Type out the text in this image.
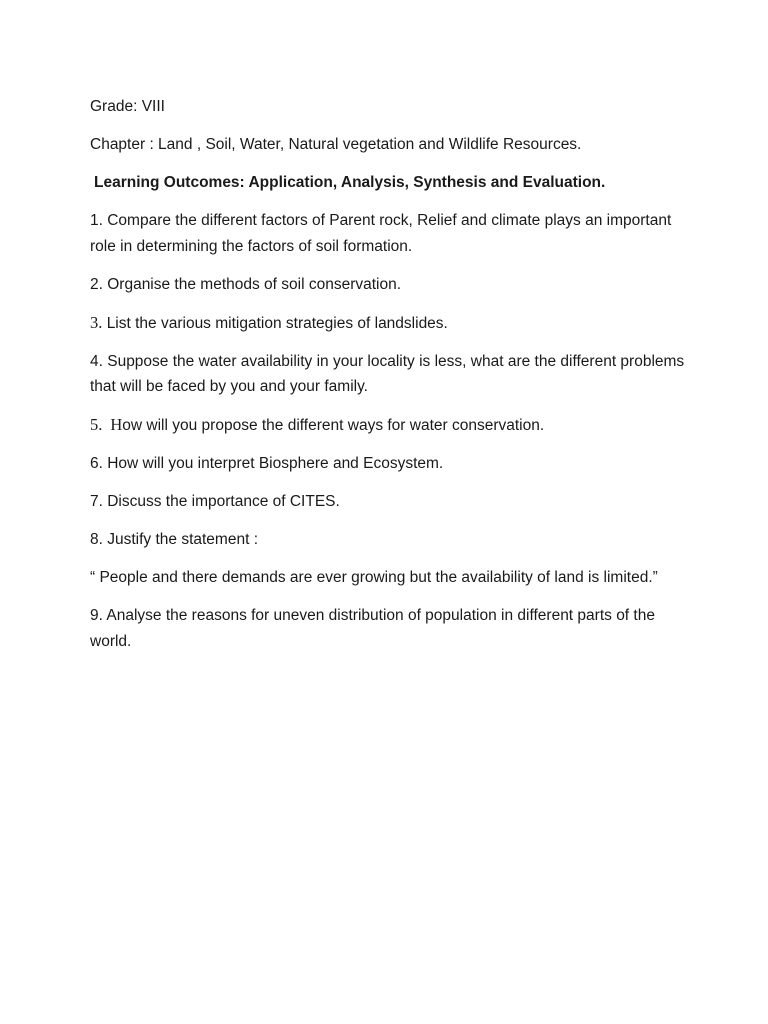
Grade: VIII

Chapter : Land , Soil, Water, Natural vegetation and Wildlife Resources.

Learning Outcomes: Application, Analysis, Synthesis and Evaluation.

1. Compare the different factors of Parent rock, Relief and climate plays an important role in determining the factors of soil formation.

2. Organise the methods of soil conservation.

3. List the various mitigation strategies of landslides.

4. Suppose the water availability in your locality is less, what are the different problems that will be faced by you and your family.

5. How will you propose the different ways for water conservation.

6. How will you interpret Biosphere and Ecosystem.

7. Discuss the importance of CITES.

8. Justify the statement :

“ People and there demands are ever growing but the availability of land is limited.”

9. Analyse the reasons for uneven distribution of population in different parts of the world.
